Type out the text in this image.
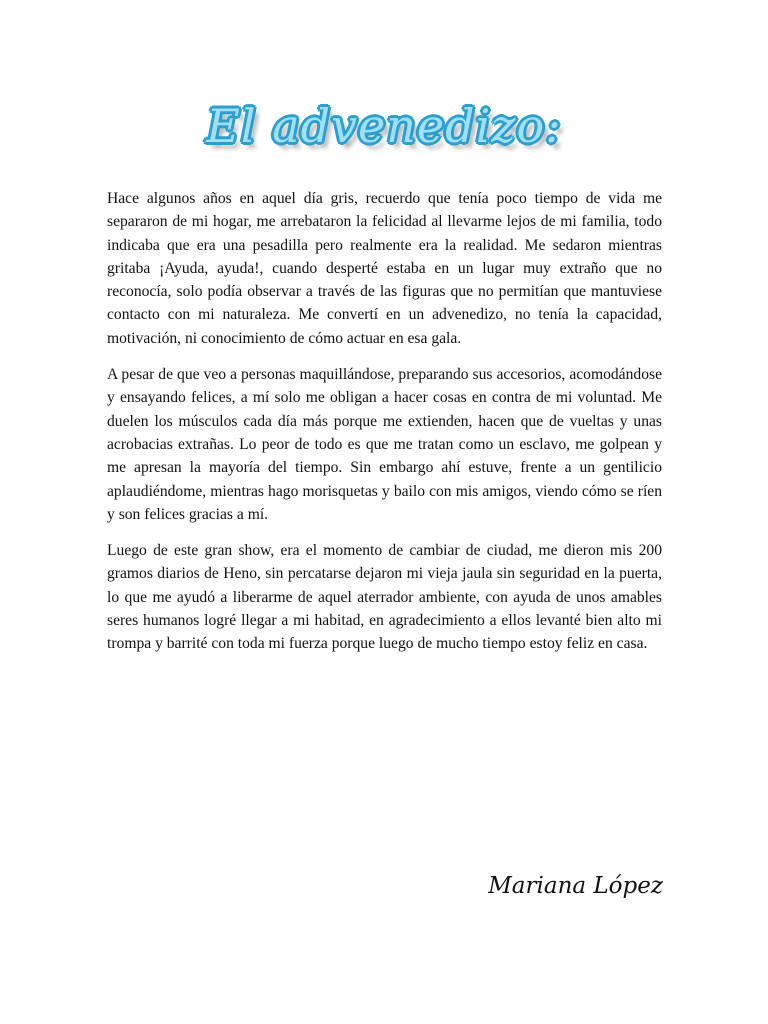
El advenedizo:

Hace algunos años en aquel día gris, recuerdo que tenía poco tiempo de vida me separaron de mi hogar, me arrebataron la felicidad al llevarme lejos de mi familia, todo indicaba que era una pesadilla pero realmente era la realidad. Me sedaron mientras gritaba ¡Ayuda, ayuda!, cuando desperté estaba en un lugar muy extraño que no reconocía, solo podía observar a través de las figuras que no permitían que mantuviese contacto con mi naturaleza. Me convertí en un advenedizo, no tenía la capacidad, motivación, ni conocimiento de cómo actuar en esa gala.

A pesar de que veo a personas maquillándose, preparando sus accesorios, acomodándose y ensayando felices, a mí solo me obligan a hacer cosas en contra de mi voluntad. Me duelen los músculos cada día más porque me extienden, hacen que de vueltas y unas acrobacias extrañas. Lo peor de todo es que me tratan como un esclavo, me golpean y me apresan la mayoría del tiempo. Sin embargo ahí estuve, frente a un gentilicio aplaudiéndome, mientras hago morisquetas y bailo con mis amigos, viendo cómo se ríen y son felices gracias a mí.

Luego de este gran show, era el momento de cambiar de ciudad, me dieron mis 200 gramos diarios de Heno, sin percatarse dejaron mi vieja jaula sin seguridad en la puerta, lo que me ayudó a liberarme de aquel aterrador ambiente, con ayuda de unos amables seres humanos logré llegar a mi habitad, en agradecimiento a ellos levanté bien alto mi trompa y barrité con toda mi fuerza porque luego de mucho tiempo estoy feliz en casa.

Mariana López
